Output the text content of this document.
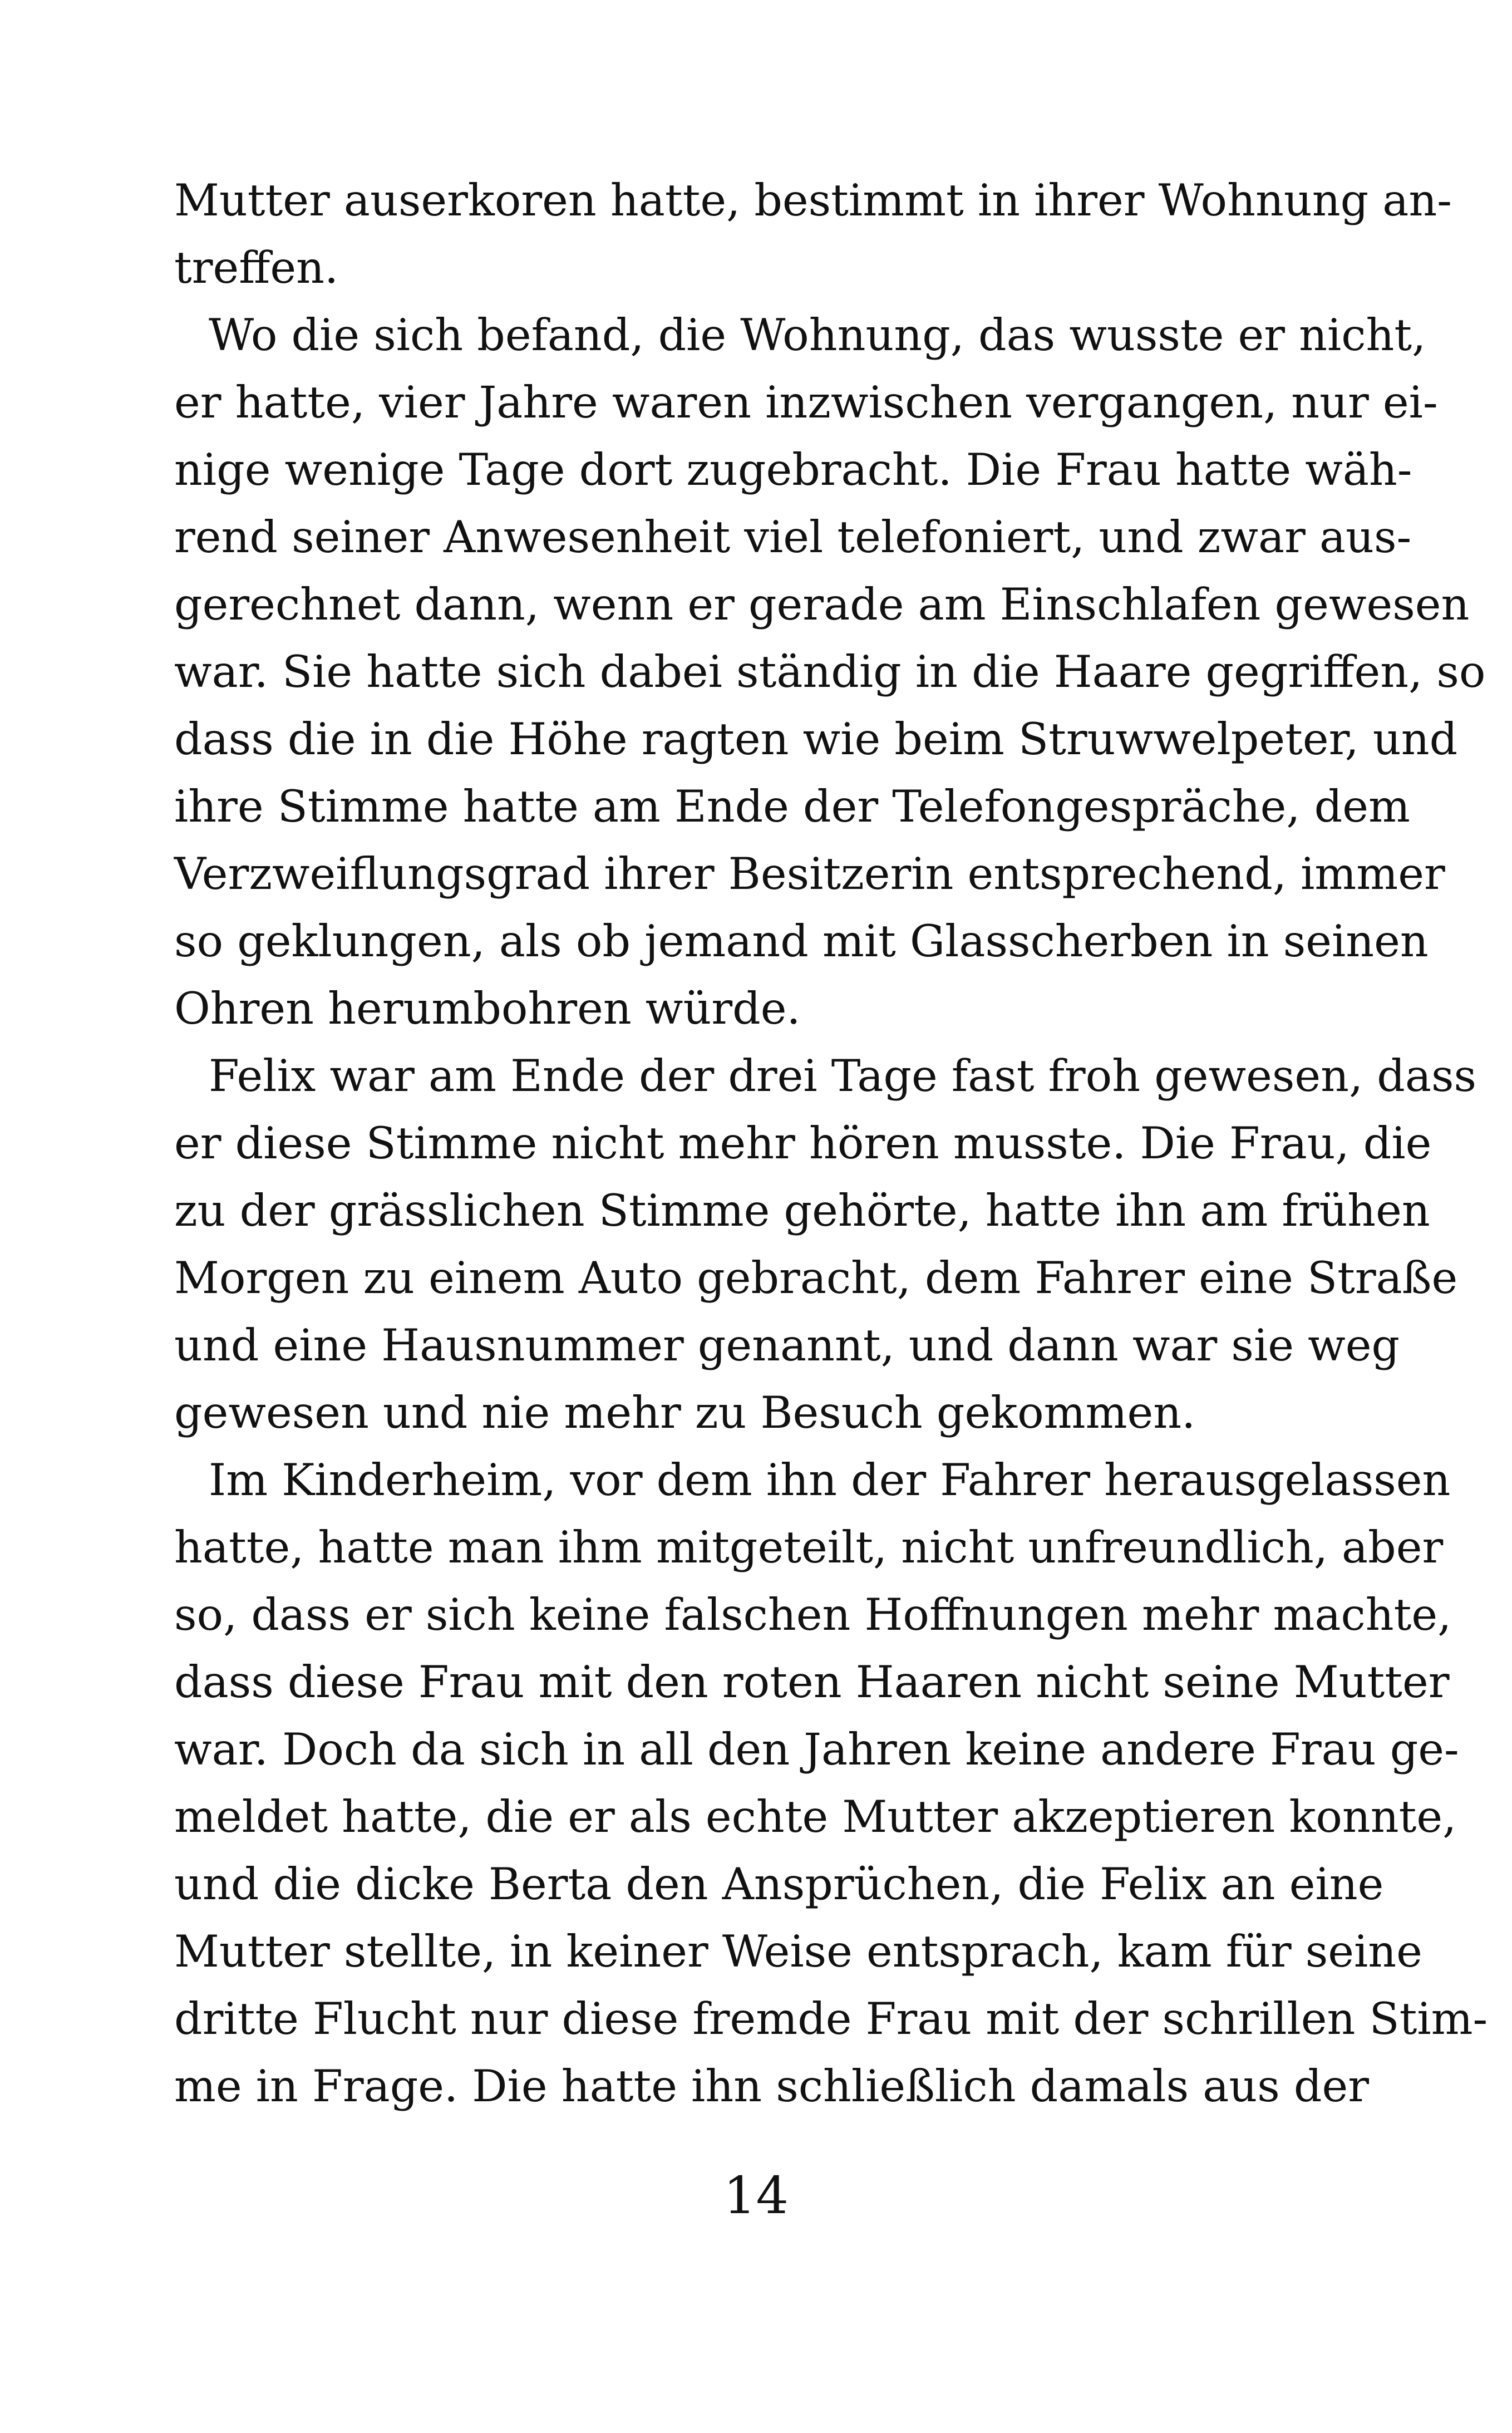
Mutter auserkoren hatte, bestimmt in ihrer Wohnung an-
treffen.
Wo die sich befand, die Wohnung, das wusste er nicht,
er hatte, vier Jahre waren inzwischen vergangen, nur ei-
nige wenige Tage dort zugebracht. Die Frau hatte wäh-
rend seiner Anwesenheit viel telefoniert, und zwar aus-
gerechnet dann, wenn er gerade am Einschlafen gewesen
war. Sie hatte sich dabei ständig in die Haare gegriffen, so
dass die in die Höhe ragten wie beim Struwwelpeter, und
ihre Stimme hatte am Ende der Telefongespräche, dem
Verzweiflungsgrad ihrer Besitzerin entsprechend, immer
so geklungen, als ob jemand mit Glasscherben in seinen
Ohren herumbohren würde.
Felix war am Ende der drei Tage fast froh gewesen, dass
er diese Stimme nicht mehr hören musste. Die Frau, die
zu der grässlichen Stimme gehörte, hatte ihn am frühen
Morgen zu einem Auto gebracht, dem Fahrer eine Straße
und eine Hausnummer genannt, und dann war sie weg
gewesen und nie mehr zu Besuch gekommen.
Im Kinderheim, vor dem ihn der Fahrer herausgelassen
hatte, hatte man ihm mitgeteilt, nicht unfreundlich, aber
so, dass er sich keine falschen Hoffnungen mehr machte,
dass diese Frau mit den roten Haaren nicht seine Mutter
war. Doch da sich in all den Jahren keine andere Frau ge-
meldet hatte, die er als echte Mutter akzeptieren konnte,
und die dicke Berta den Ansprüchen, die Felix an eine
Mutter stellte, in keiner Weise entsprach, kam für seine
dritte Flucht nur diese fremde Frau mit der schrillen Stim-
me in Frage. Die hatte ihn schließlich damals aus der
14
